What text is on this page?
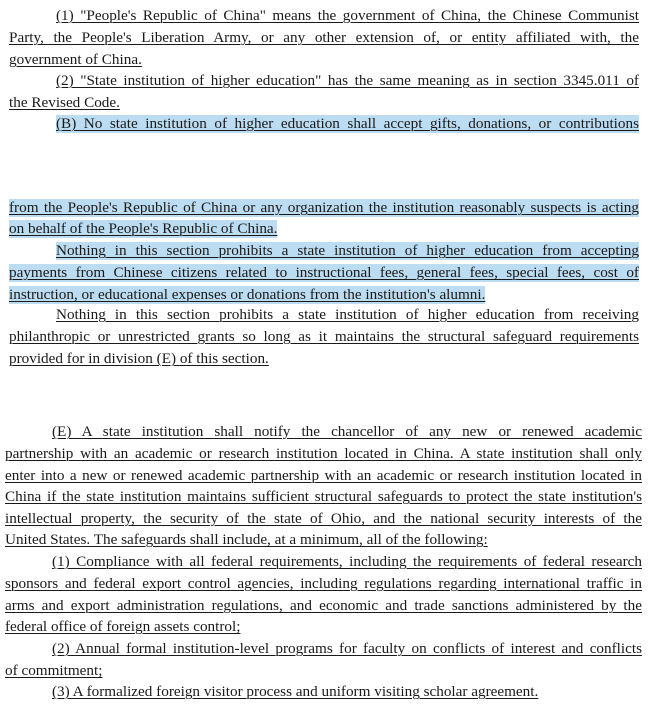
(1) "People's Republic of China" means the government of China, the Chinese Communist
Party, the People's Liberation Army, or any other extension of, or entity affiliated with, the
government of China.
(2) "State institution of higher education" has the same meaning as in section 3345.011 of
the Revised Code.
(B) No state institution of higher education shall accept gifts, donations, or contributions
from the People's Republic of China or any organization the institution reasonably suspects is acting
on behalf of the People's Republic of China.
Nothing in this section prohibits a state institution of higher education from accepting
payments from Chinese citizens related to instructional fees, general fees, special fees, cost of
instruction, or educational expenses or donations from the institution's alumni.
Nothing in this section prohibits a state institution of higher education from receiving
philanthropic or unrestricted grants so long as it maintains the structural safeguard requirements
provided for in division (E) of this section.
(E) A state institution shall notify the chancellor of any new or renewed academic
partnership with an academic or research institution located in China. A state institution shall only
enter into a new or renewed academic partnership with an academic or research institution located in
China if the state institution maintains sufficient structural safeguards to protect the state institution's
intellectual property, the security of the state of Ohio, and the national security interests of the
United States. The safeguards shall include, at a minimum, all of the following:
(1) Compliance with all federal requirements, including the requirements of federal research
sponsors and federal export control agencies, including regulations regarding international traffic in
arms and export administration regulations, and economic and trade sanctions administered by the
federal office of foreign assets control;
(2) Annual formal institution-level programs for faculty on conflicts of interest and conflicts
of commitment;
(3) A formalized foreign visitor process and uniform visiting scholar agreement.
